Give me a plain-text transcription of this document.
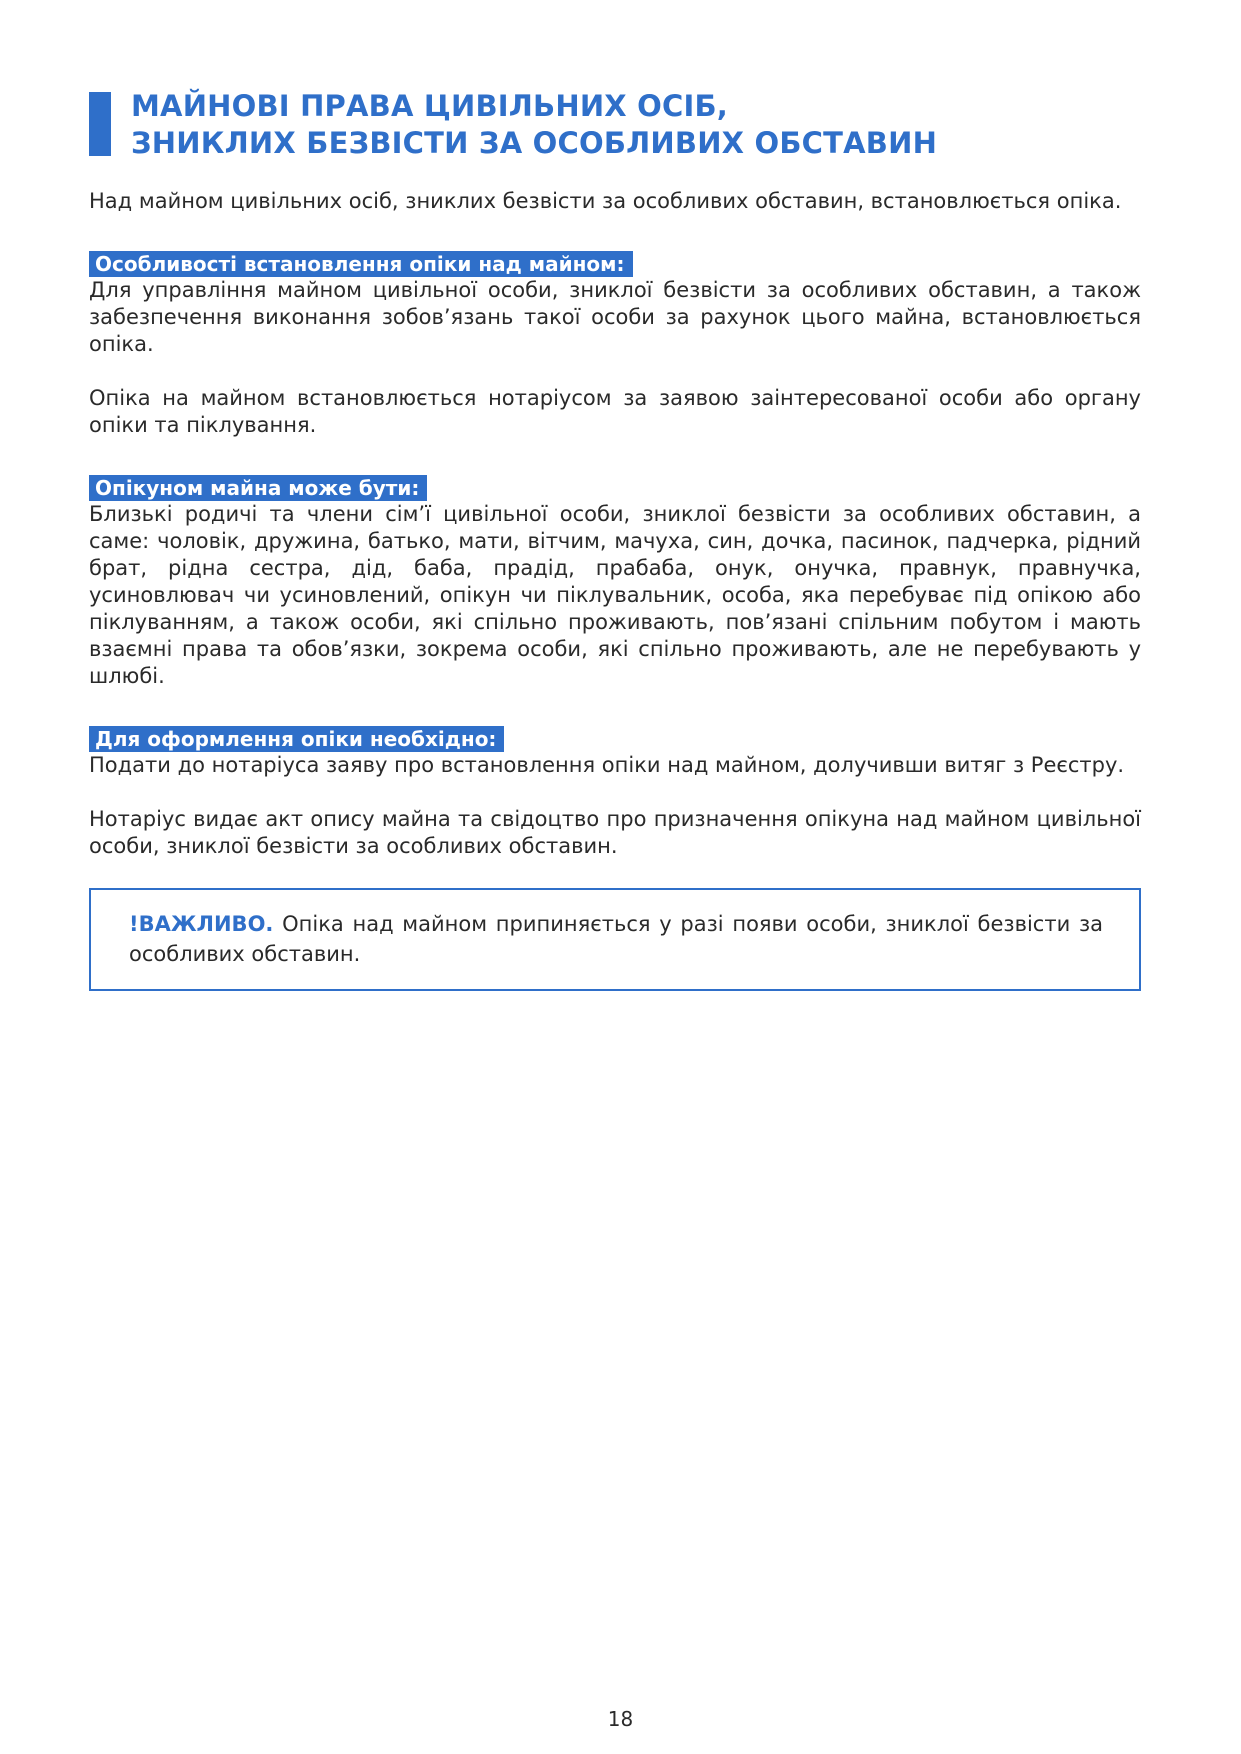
МАЙНОВІ ПРАВА ЦИВІЛЬНИХ ОСІБ,
ЗНИКЛИХ БЕЗВІСТИ ЗА ОСОБЛИВИХ ОБСТАВИН

Над майном цивільних осіб, зниклих безвісти за особливих обставин, встановлюється опіка.

Особливості встановлення опіки над майном:

Для управління майном цивільної особи, зниклої безвісти за особливих обставин, а також забезпечення виконання зобов’язань такої особи за рахунок цього майна, встановлюється опіка.

Опіка на майном встановлюється нотаріусом за заявою заінтересованої особи або органу опіки та піклування.

Опікуном майна може бути:

Близькі родичі та члени сім’ї цивільної особи, зниклої безвісти за особливих обставин, а саме: чоловік, дружина, батько, мати, вітчим, мачуха, син, дочка, пасинок, падчерка, рідний брат, рідна сестра, дід, баба, прадід, прабаба, онук, онучка, правнук, правнучка, усиновлювач чи усиновлений, опікун чи піклувальник, особа, яка перебуває під опікою або піклуванням, а також особи, які спільно проживають, пов’язані спільним побутом і мають взаємні права та обов’язки, зокрема особи, які спільно проживають, але не перебувають у шлюбі.

Для оформлення опіки необхідно:

Подати до нотаріуса заяву про встановлення опіки над майном, долучивши витяг з Реєстру.

Нотаріус видає акт опису майна та свідоцтво про призначення опікуна над майном цивільної особи, зниклої безвісти за особливих обставин.

!ВАЖЛИВО. Опіка над майном припиняється у разі появи особи, зниклої безвісти за особливих обставин.

18
